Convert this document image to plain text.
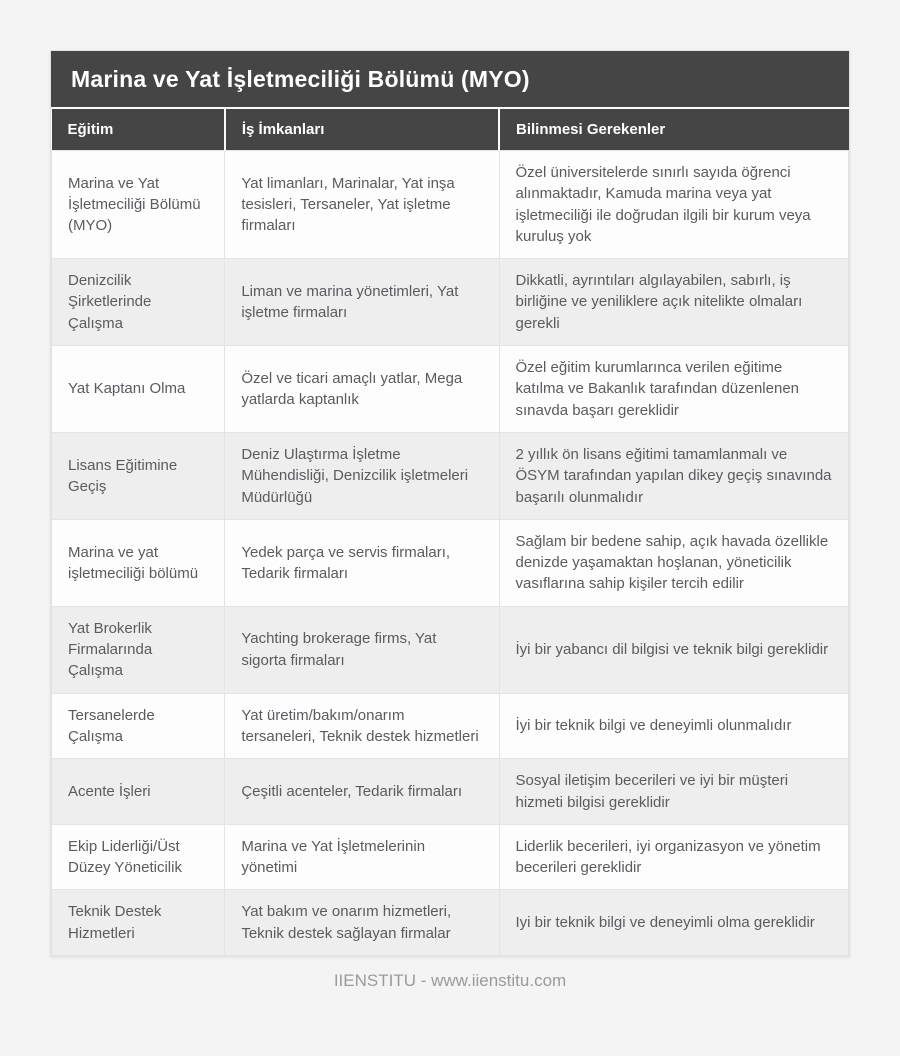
Marina ve Yat İşletmeciliği Bölümü (MYO)
Eğitim	İş İmkanları	Bilinmesi Gerekenler
Marina ve Yat İşletmeciliği Bölümü (MYO)	Yat limanları, Marinalar, Yat inşa tesisleri, Tersaneler, Yat işletme firmaları	Özel üniversitelerde sınırlı sayıda öğrenci alınmaktadır, Kamuda marina veya yat işletmeciliği ile doğrudan ilgili bir kurum veya kuruluş yok
Denizcilik Şirketlerinde Çalışma	Liman ve marina yönetimleri, Yat işletme firmaları	Dikkatli, ayrıntıları algılayabilen, sabırlı, iş birliğine ve yeniliklere açık nitelikte olmaları gerekli
Yat Kaptanı Olma	Özel ve ticari amaçlı yatlar, Mega yatlarda kaptanlık	Özel eğitim kurumlarınca verilen eğitime katılma ve Bakanlık tarafından düzenlenen sınavda başarı gereklidir
Lisans Eğitimine Geçiş	Deniz Ulaştırma İşletme Mühendisliği, Denizcilik işletmeleri Müdürlüğü	2 yıllık ön lisans eğitimi tamamlanmalı ve ÖSYM tarafından yapılan dikey geçiş sınavında başarılı olunmalıdır
Marina ve yat işletmeciliği bölümü	Yedek parça ve servis firmaları, Tedarik firmaları	Sağlam bir bedene sahip, açık havada özellikle denizde yaşamaktan hoşlanan, yöneticilik vasıflarına sahip kişiler tercih edilir
Yat Brokerlik Firmalarında Çalışma	Yachting brokerage firms, Yat sigorta firmaları	İyi bir yabancı dil bilgisi ve teknik bilgi gereklidir
Tersanelerde Çalışma	Yat üretim/bakım/onarım tersaneleri, Teknik destek hizmetleri	İyi bir teknik bilgi ve deneyimli olunmalıdır
Acente İşleri	Çeşitli acenteler, Tedarik firmaları	Sosyal iletişim becerileri ve iyi bir müşteri hizmeti bilgisi gereklidir
Ekip Liderliği/Üst Düzey Yöneticilik	Marina ve Yat İşletmelerinin yönetimi	Liderlik becerileri, iyi organizasyon ve yönetim becerileri gereklidir
Teknik Destek Hizmetleri	Yat bakım ve onarım hizmetleri, Teknik destek sağlayan firmalar	Iyi bir teknik bilgi ve deneyimli olma gereklidir
IIENSTITU - www.iienstitu.com
